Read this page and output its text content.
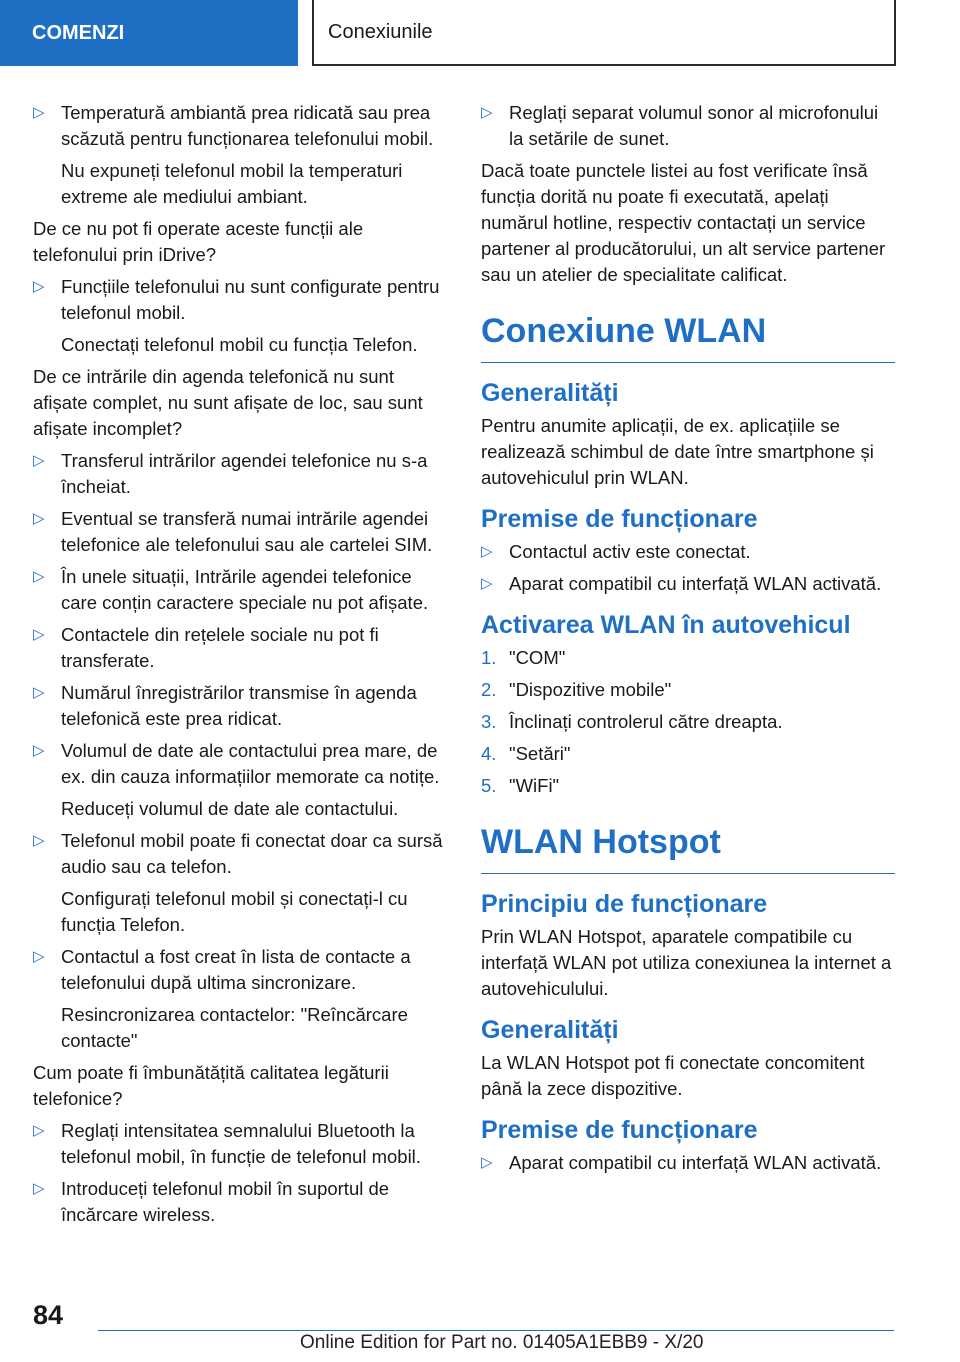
COMENZI	Conexiunile
▷ Temperatură ambiantă prea ridicată sau prea scăzută pentru funcționarea telefonului mobil.
Nu expuneți telefonul mobil la temperaturi extreme ale mediului ambiant.

De ce nu pot fi operate aceste funcții ale telefonului prin iDrive?

▷ Funcțiile telefonului nu sunt configurate pentru telefonul mobil.
Conectați telefonul mobil cu funcția Telefon.

De ce intrările din agenda telefonică nu sunt afișate complet, nu sunt afișate de loc, sau sunt afișate incomplet?

▷ Transferul intrărilor agendei telefonice nu s-a încheiat.
▷ Eventual se transferă numai intrările agendei telefonice ale telefonului sau ale cartelei SIM.
▷ În unele situații, Intrările agendei telefonice care conțin caractere speciale nu pot afișate.
▷ Contactele din rețelele sociale nu pot fi transferate.
▷ Numărul înregistrărilor transmise în agenda telefonică este prea ridicat.
▷ Volumul de date ale contactului prea mare, de ex. din cauza informațiilor memorate ca notițe.
Reduceți volumul de date ale contactului.
▷ Telefonul mobil poate fi conectat doar ca sursă audio sau ca telefon.
Configurați telefonul mobil și conectați-l cu funcția Telefon.
▷ Contactul a fost creat în lista de contacte a telefonului după ultima sincronizare.
Resincronizarea contactelor: "Reîncărcare contacte"

Cum poate fi îmbunătățită calitatea legăturii telefonice?

▷ Reglați intensitatea semnalului Bluetooth la telefonul mobil, în funcție de telefonul mobil.
▷ Introduceți telefonul mobil în suportul de încărcare wireless.
▷ Reglați separat volumul sonor al microfonului la setările de sunet.

Dacă toate punctele listei au fost verificate însă funcția dorită nu poate fi executată, apelați numărul hotline, respectiv contactați un service partener al producătorului, un alt service partener sau un atelier de specialitate calificat.

Conexiune WLAN
Generalități

Pentru anumite aplicații, de ex. aplicațiile se realizează schimbul de date între smartphone și autovehiculul prin WLAN.

Premise de funcționare
▷ Contactul activ este conectat.
▷ Aparat compatibil cu interfață WLAN activată.
Activarea WLAN în autovehicul
1. "COM"
2. "Dispozitive mobile"
3. Înclinați controlerul către dreapta.
4. "Setări"
5. "WiFi"
WLAN Hotspot
Principiu de funcționare

Prin WLAN Hotspot, aparatele compatibile cu interfață WLAN pot utiliza conexiunea la internet a autovehiculului.

Generalități

La WLAN Hotspot pot fi conectate concomitent până la zece dispozitive.

Premise de funcționare
▷ Aparat compatibil cu interfață WLAN activată.
84
Online Edition for Part no. 01405A1EBB9 - X/20
